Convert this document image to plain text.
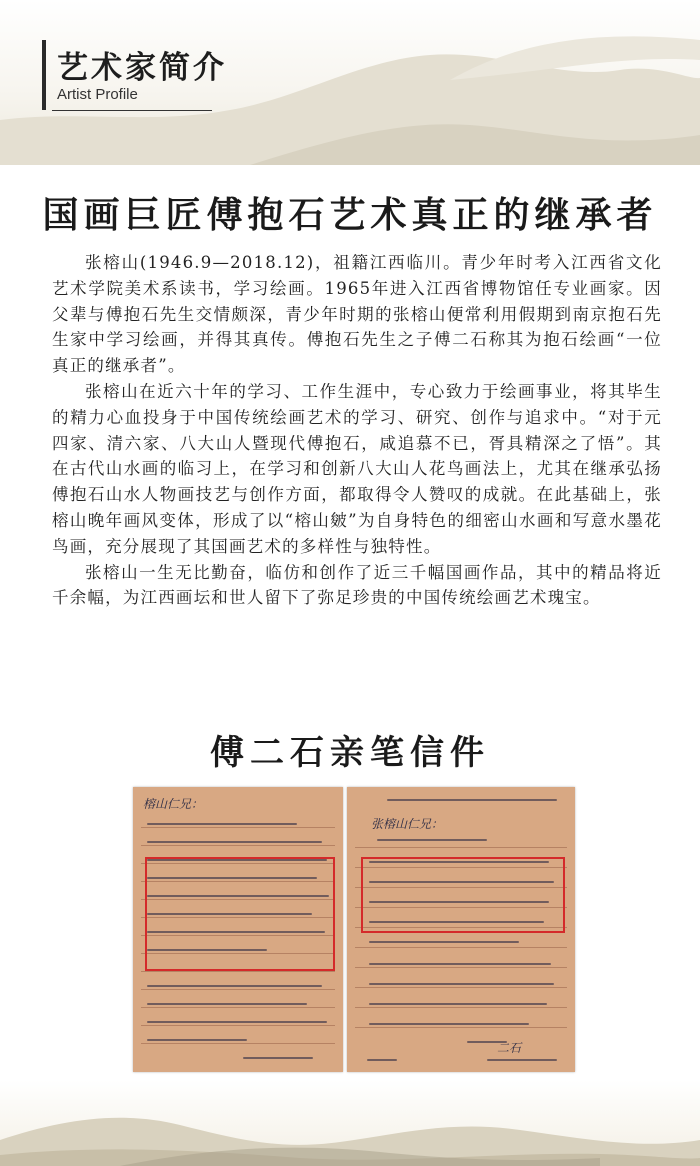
艺术家简介
Artist Profile
国画巨匠傅抱石艺术真正的继承者

张榕山(1946.9—2018.12)，祖籍江西临川。青少年时考入江西省文化艺术学院美术系读书，学习绘画。1965年进入江西省博物馆任专业画家。因父辈与傅抱石先生交情颇深，青少年时期的张榕山便常利用假期到南京抱石先生家中学习绘画，并得其真传。傅抱石先生之子傅二石称其为抱石绘画“一位真正的继承者”。

张榕山在近六十年的学习、工作生涯中，专心致力于绘画事业，将其毕生的精力心血投身于中国传统绘画艺术的学习、研究、创作与追求中。“对于元四家、清六家、八大山人暨现代傅抱石，咸追慕不已，胥具精深之了悟”。其在古代山水画的临习上，在学习和创新八大山人花鸟画法上，尤其在继承弘扬傅抱石山水人物画技艺与创作方面，都取得令人赞叹的成就。在此基础上，张榕山晚年画风变体，形成了以“榕山皴”为自身特色的细密山水画和写意水墨花鸟画，充分展现了其国画艺术的多样性与独特性。

张榕山一生无比勤奋，临仿和创作了近三千幅国画作品，其中的精品将近千余幅，为江西画坛和世人留下了弥足珍贵的中国传统绘画艺术瑰宝。

傅二石亲笔信件
榕山仁兄：
张榕山仁兄：
二石
